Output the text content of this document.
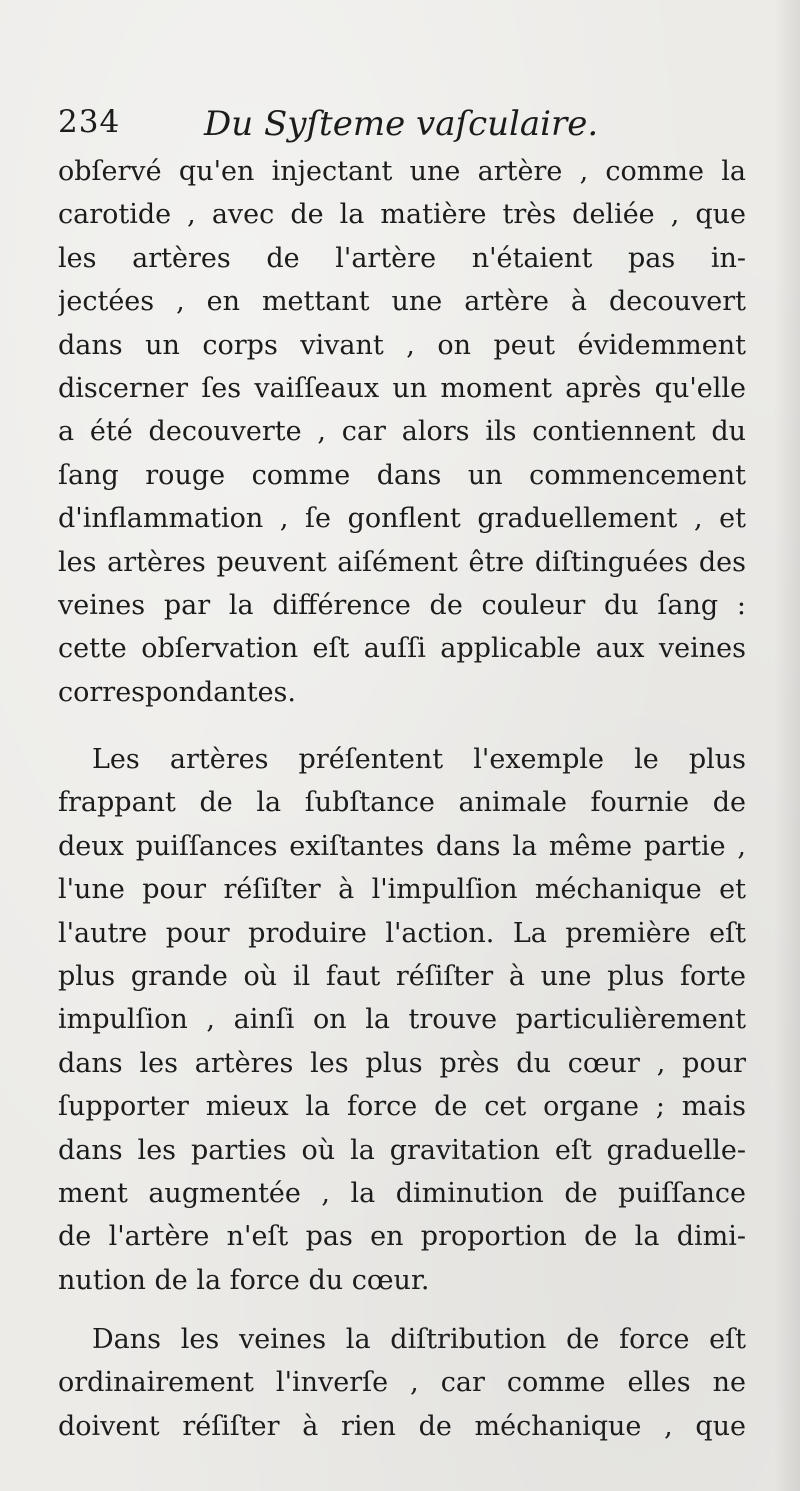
234 Du Syſteme vaſculaire.
obſervé qu'en injectant une artère , comme la
carotide , avec de la matière très deliée , que
les artères de l'artère n'étaient pas in-
jectées , en mettant une artère à decouvert
dans un corps vivant , on peut évidemment
discerner ſes vaiſſeaux un moment après qu'elle
a été decouverte , car alors ils contiennent du
ſang rouge comme dans un commencement
d'inflammation , ſe gonflent graduellement , et
les artères peuvent aiſément être diſtinguées des
veines par la différence de couleur du ſang :
cette obſervation eſt auſſi applicable aux veines
correspondantes.
Les artères préſentent l'exemple le plus
frappant de la ſubſtance animale fournie de
deux puiſſances exiſtantes dans la même partie ,
l'une pour réſiſter à l'impulſion méchanique et
l'autre pour produire l'action. La première eſt
plus grande où il faut réſiſter à une plus forte
impulſion , ainſi on la trouve particulièrement
dans les artères les plus près du cœur , pour
ſupporter mieux la force de cet organe ; mais
dans les parties où la gravitation eſt graduelle-
ment augmentée , la diminution de puiſſance
de l'artère n'eſt pas en proportion de la dimi-
nution de la force du cœur.
Dans les veines la diſtribution de force eſt
ordinairement l'inverſe , car comme elles ne
doivent réſiſter à rien de méchanique , que
